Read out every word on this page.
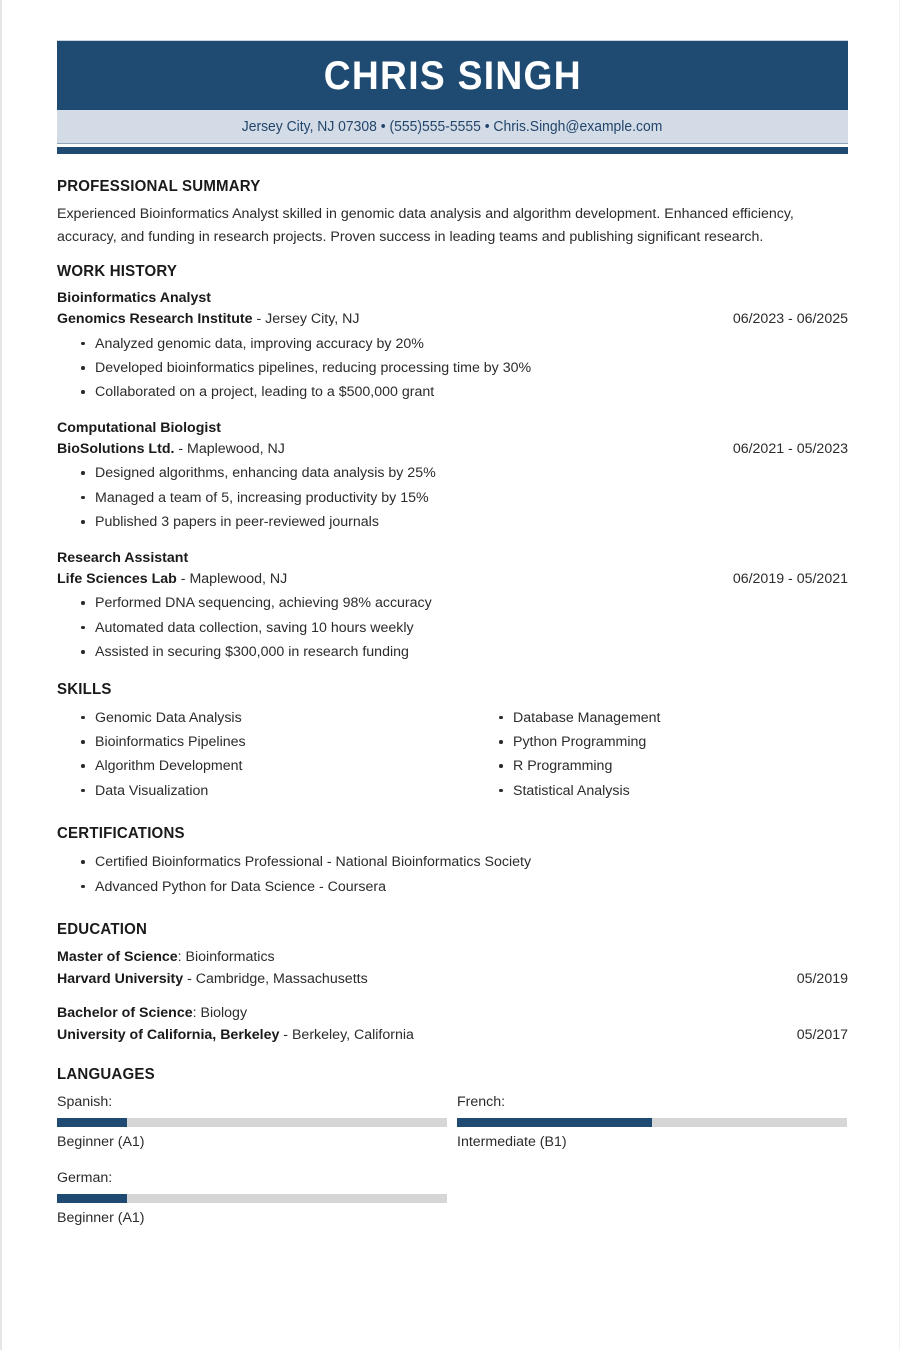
CHRIS SINGH
Jersey City, NJ 07308 • (555)555-5555 • Chris.Singh@example.com
PROFESSIONAL SUMMARY

Experienced Bioinformatics Analyst skilled in genomic data analysis and algorithm development. Enhanced efficiency, accuracy, and funding in research projects. Proven success in leading teams and publishing significant research.

WORK HISTORY
Bioinformatics Analyst
Genomics Research Institute - Jersey City, NJ	06/2023 - 06/2025
Analyzed genomic data, improving accuracy by 20%
Developed bioinformatics pipelines, reducing processing time by 30%
Collaborated on a project, leading to a $500,000 grant
Computational Biologist
BioSolutions Ltd. - Maplewood, NJ	06/2021 - 05/2023
Designed algorithms, enhancing data analysis by 25%
Managed a team of 5, increasing productivity by 15%
Published 3 papers in peer-reviewed journals
Research Assistant
Life Sciences Lab - Maplewood, NJ	06/2019 - 05/2021
Performed DNA sequencing, achieving 98% accuracy
Automated data collection, saving 10 hours weekly
Assisted in securing $300,000 in research funding
SKILLS
Genomic Data Analysis
Bioinformatics Pipelines
Algorithm Development
Data Visualization
Database Management
Python Programming
R Programming
Statistical Analysis
CERTIFICATIONS
Certified Bioinformatics Professional - National Bioinformatics Society
Advanced Python for Data Science - Coursera
EDUCATION
Master of Science: Bioinformatics
Harvard University - Cambridge, Massachusetts	05/2019
Bachelor of Science: Biology
University of California, Berkeley - Berkeley, California	05/2017
LANGUAGES
Spanish:
Beginner (A1)
French:
Intermediate (B1)
German:
Beginner (A1)
